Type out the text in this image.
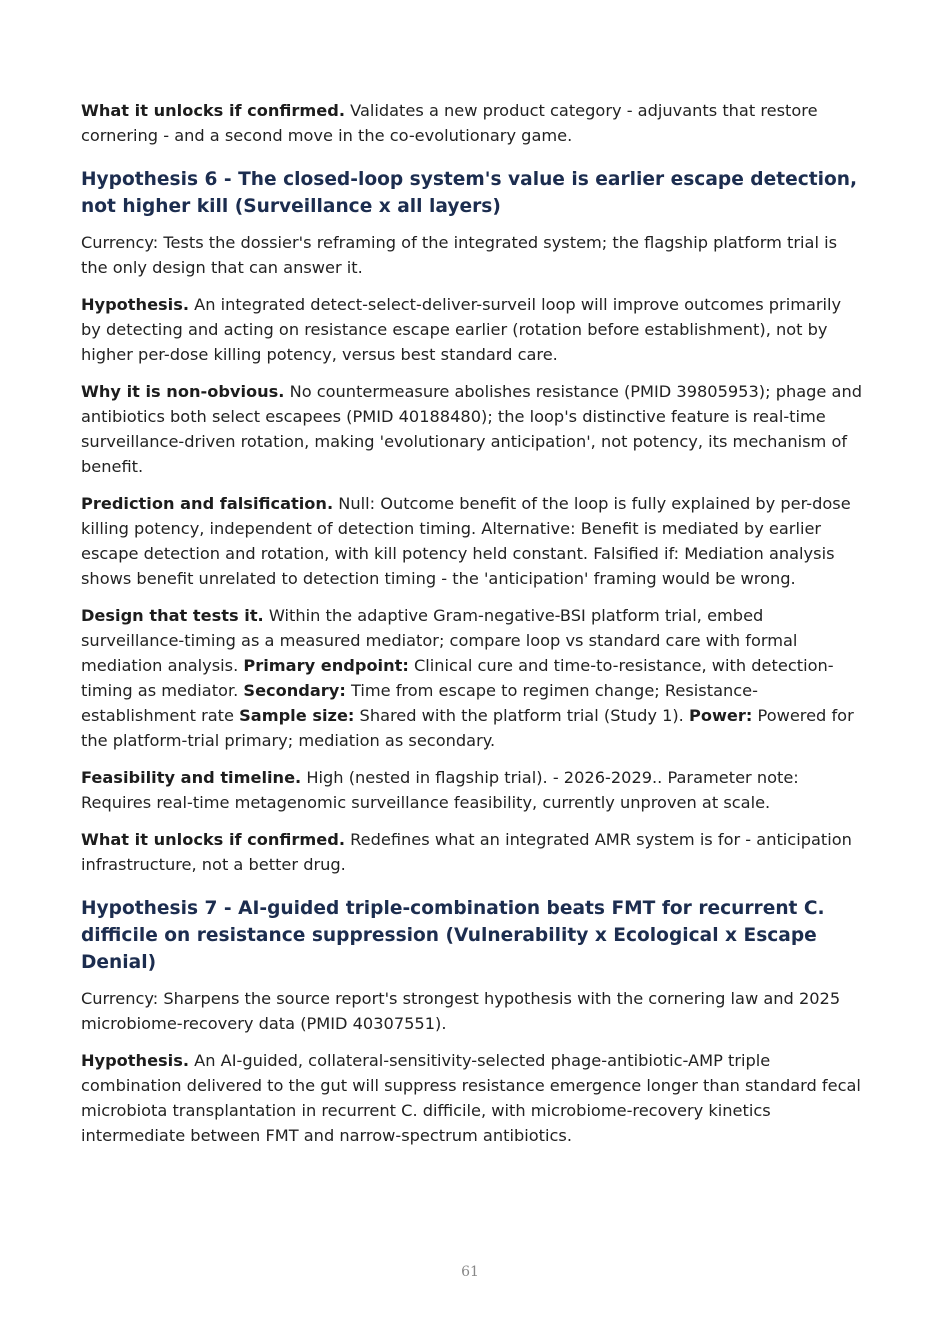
What it unlocks if confirmed. Validates a new product category - adjuvants that restore cornering - and a second move in the co-evolutionary game.

Hypothesis 6 - The closed-loop system's value is earlier escape detection, not higher kill (Surveillance x all layers)

Currency: Tests the dossier's reframing of the integrated system; the flagship platform trial is the only design that can answer it.

Hypothesis. An integrated detect-select-deliver-surveil loop will improve outcomes primarily by detecting and acting on resistance escape earlier (rotation before establishment), not by higher per-dose killing potency, versus best standard care.

Why it is non-obvious. No countermeasure abolishes resistance (PMID 39805953); phage and antibiotics both select escapees (PMID 40188480); the loop's distinctive feature is real-time surveillance-driven rotation, making 'evolutionary anticipation', not potency, its mechanism of benefit.

Prediction and falsification. Null: Outcome benefit of the loop is fully explained by per-dose killing potency, independent of detection timing. Alternative: Benefit is mediated by earlier escape detection and rotation, with kill potency held constant. Falsified if: Mediation analysis shows benefit unrelated to detection timing - the 'anticipation' framing would be wrong.

Design that tests it. Within the adaptive Gram-negative-BSI platform trial, embed surveillance-timing as a measured mediator; compare loop vs standard care with formal mediation analysis. Primary endpoint: Clinical cure and time-to-resistance, with detection-timing as mediator. Secondary: Time from escape to regimen change; Resistance-establishment rate Sample size: Shared with the platform trial (Study 1). Power: Powered for the platform-trial primary; mediation as secondary.

Feasibility and timeline. High (nested in flagship trial). - 2026-2029.. Parameter note: Requires real-time metagenomic surveillance feasibility, currently unproven at scale.

What it unlocks if confirmed. Redefines what an integrated AMR system is for - anticipation infrastructure, not a better drug.

Hypothesis 7 - AI-guided triple-combination beats FMT for recurrent C. difficile on resistance suppression (Vulnerability x Ecological x Escape Denial)

Currency: Sharpens the source report's strongest hypothesis with the cornering law and 2025 microbiome-recovery data (PMID 40307551).

Hypothesis. An AI-guided, collateral-sensitivity-selected phage-antibiotic-AMP triple combination delivered to the gut will suppress resistance emergence longer than standard fecal microbiota transplantation in recurrent C. difficile, with microbiome-recovery kinetics intermediate between FMT and narrow-spectrum antibiotics.

61
